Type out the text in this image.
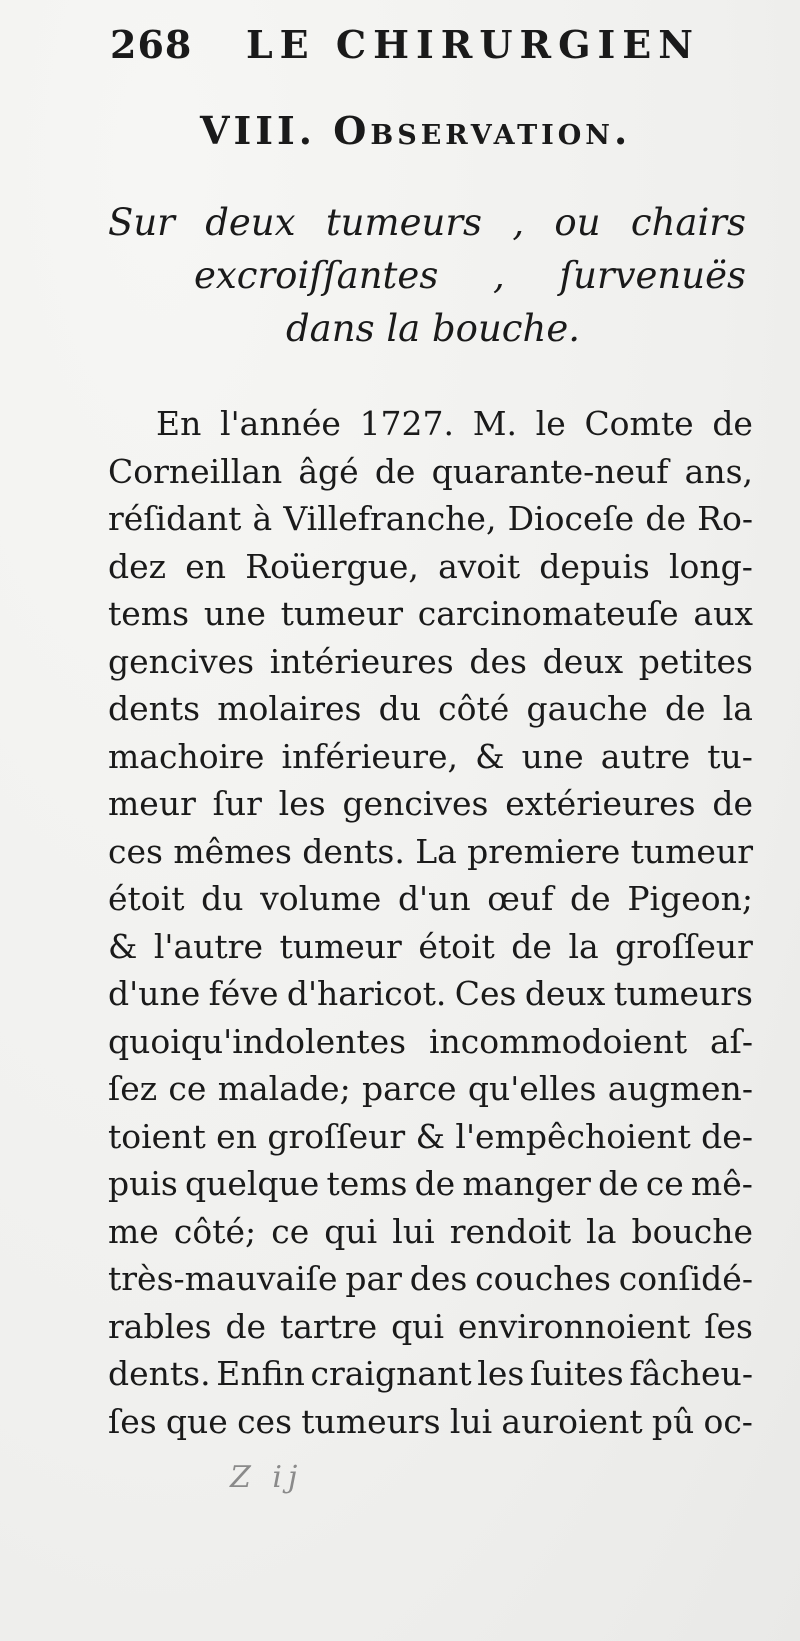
268 LE CHIRURGIEN
VIII. Observation.
Sur deux tumeurs , ou chairs
excroiſſantes , ſurvenuës
dans la bouche.
En l'année 1727. M. le Comte de
Corneillan âgé de quarante-neuf ans,
réſidant à Villefranche, Dioceſe de Ro-
dez en Roüergue, avoit depuis long-
tems une tumeur carcinomateuſe aux
gencives intérieures des deux petites
dents molaires du côté gauche de la
machoire inférieure, & une autre tu-
meur ſur les gencives extérieures de
ces mêmes dents. La premiere tumeur
étoit du volume d'un œuf de Pigeon;
& l'autre tumeur étoit de la groſſeur
d'une féve d'haricot. Ces deux tumeurs
quoiqu'indolentes incommodoient aſ-
ſez ce malade; parce qu'elles augmen-
toient en groſſeur & l'empêchoient de-
puis quelque tems de manger de ce mê-
me côté; ce qui lui rendoit la bouche
très-mauvaiſe par des couches conſidé-
rables de tartre qui environnoient ſes
dents. Enfin craignant les ſuites fâcheu-
ſes que ces tumeurs lui auroient pû oc-
Z ij
